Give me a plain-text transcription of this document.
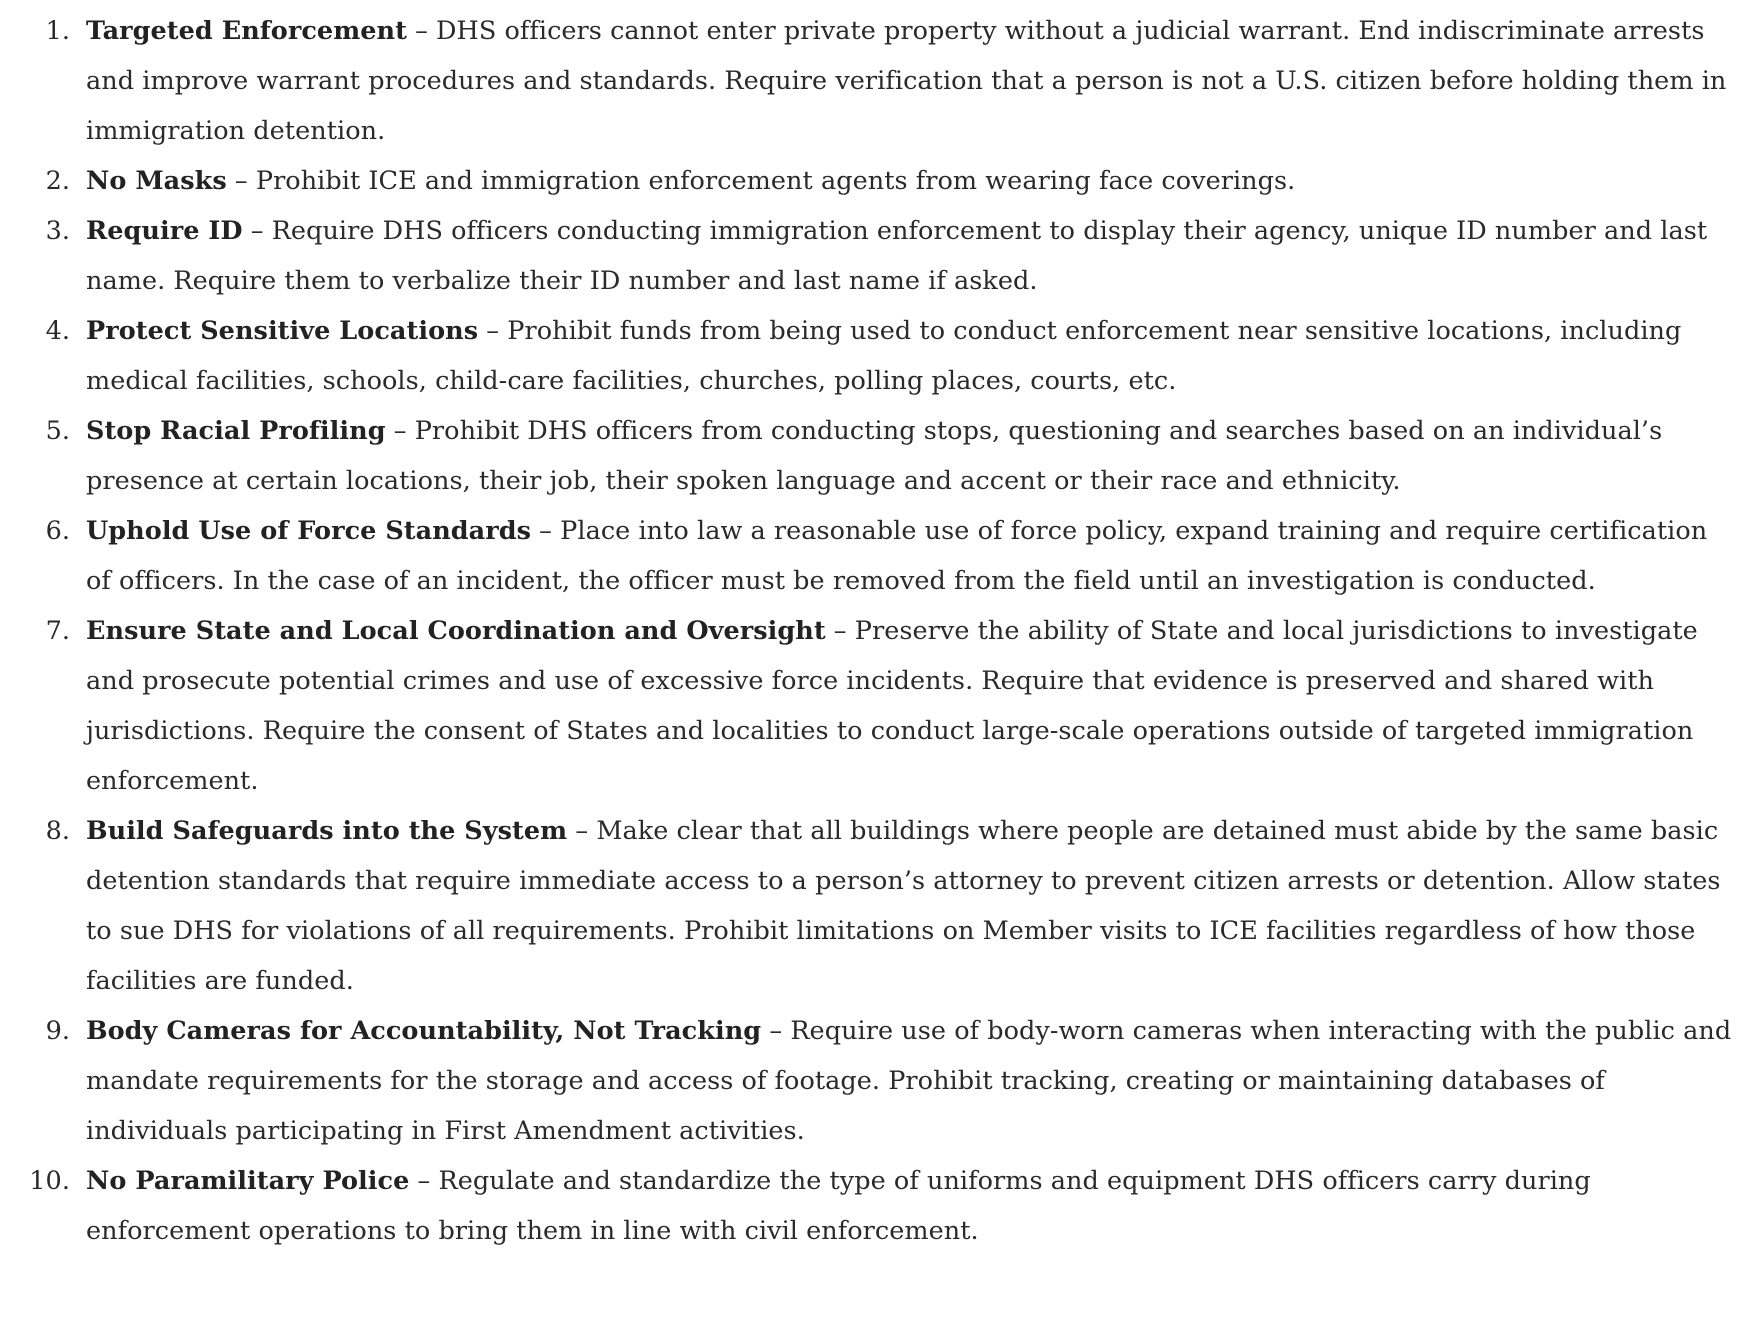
1. Targeted Enforcement – DHS officers cannot enter private property without a judicial warrant. End indiscriminate arrests and improve warrant procedures and standards. Require verification that a person is not a U.S. citizen before holding them in immigration detention.
2. No Masks – Prohibit ICE and immigration enforcement agents from wearing face coverings.
3. Require ID – Require DHS officers conducting immigration enforcement to display their agency, unique ID number and last name. Require them to verbalize their ID number and last name if asked.
4. Protect Sensitive Locations – Prohibit funds from being used to conduct enforcement near sensitive locations, including medical facilities, schools, child-care facilities, churches, polling places, courts, etc.
5. Stop Racial Profiling – Prohibit DHS officers from conducting stops, questioning and searches based on an individual’s presence at certain locations, their job, their spoken language and accent or their race and ethnicity.
6. Uphold Use of Force Standards – Place into law a reasonable use of force policy, expand training and require certification of officers. In the case of an incident, the officer must be removed from the field until an investigation is conducted.
7. Ensure State and Local Coordination and Oversight – Preserve the ability of State and local jurisdictions to investigate and prosecute potential crimes and use of excessive force incidents. Require that evidence is preserved and shared with jurisdictions. Require the consent of States and localities to conduct large-scale operations outside of targeted immigration enforcement.
8. Build Safeguards into the System – Make clear that all buildings where people are detained must abide by the same basic detention standards that require immediate access to a person’s attorney to prevent citizen arrests or detention. Allow states to sue DHS for violations of all requirements. Prohibit limitations on Member visits to ICE facilities regardless of how those facilities are funded.
9. Body Cameras for Accountability, Not Tracking – Require use of body-worn cameras when interacting with the public and mandate requirements for the storage and access of footage. Prohibit tracking, creating or maintaining databases of individuals participating in First Amendment activities.
10. No Paramilitary Police – Regulate and standardize the type of uniforms and equipment DHS officers carry during enforcement operations to bring them in line with civil enforcement.
